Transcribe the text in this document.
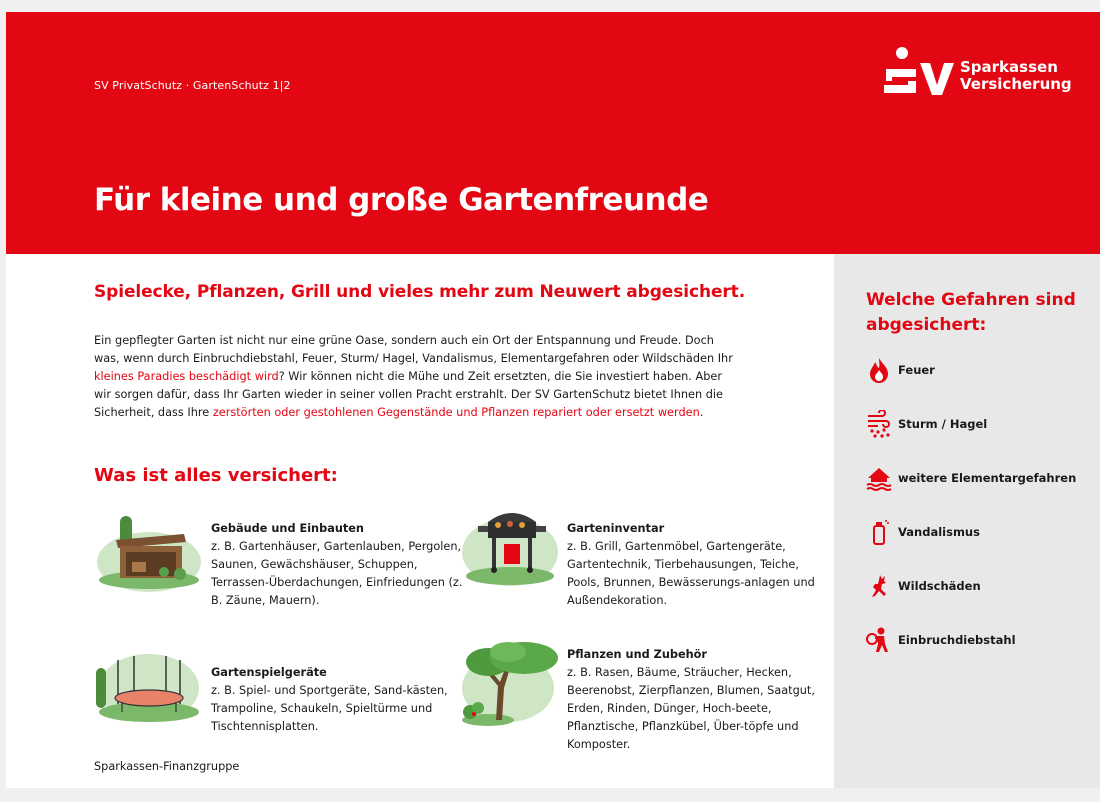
SV PrivatSchutz · GartenSchutz 1|2
Sparkassen
Versicherung
Für kleine und große Gartenfreunde
Spielecke, Pflanzen, Grill und vieles mehr zum Neuwert abgesichert.
Ein gepflegter Garten ist nicht nur eine grüne Oase, sondern auch ein Ort der Entspannung und Freude. Doch was, wenn durch Einbruchdiebstahl, Feuer, Sturm/ Hagel, Vandalismus, Elementargefahren oder Wildschäden Ihr kleines Paradies beschädigt wird? Wir können nicht die Mühe und Zeit ersetzten, die Sie investiert haben. Aber wir sorgen dafür, dass Ihr Garten wieder in seiner vollen Pracht erstrahlt. Der SV GartenSchutz bietet Ihnen die Sicherheit, dass Ihre zerstörten oder gestohlenen Gegenstände und Pflanzen repariert oder ersetzt werden.
Was ist alles versichert:
Gebäude und Einbauten
z. B. Gartenhäuser, Gartenlauben, Pergolen, Saunen, Gewächshäuser, Schuppen, Terrassen-Überdachungen, Einfriedungen (z. B. Zäune, Mauern).
Garteninventar
z. B. Grill, Gartenmöbel, Gartengeräte, Gartentechnik, Tierbehausungen, Teiche, Pools, Brunnen, Bewässerungs-anlagen und Außendekoration.
Gartenspielgeräte
z. B. Spiel- und Sportgeräte, Sand-kästen, Trampoline, Schaukeln, Spieltürme und Tischtennisplatten.
Pflanzen und Zubehör
z. B. Rasen, Bäume, Sträucher, Hecken, Beerenobst, Zierpflanzen, Blumen, Saatgut, Erden, Rinden, Dünger, Hoch-beete, Pflanztische, Pflanzkübel, Über-töpfe und Komposter.
Sparkassen-Finanzgruppe
Welche Gefahren sind abgesichert:
Feuer
Sturm / Hagel
weitere Elementargefahren
Vandalismus
Wildschäden
Einbruchdiebstahl
